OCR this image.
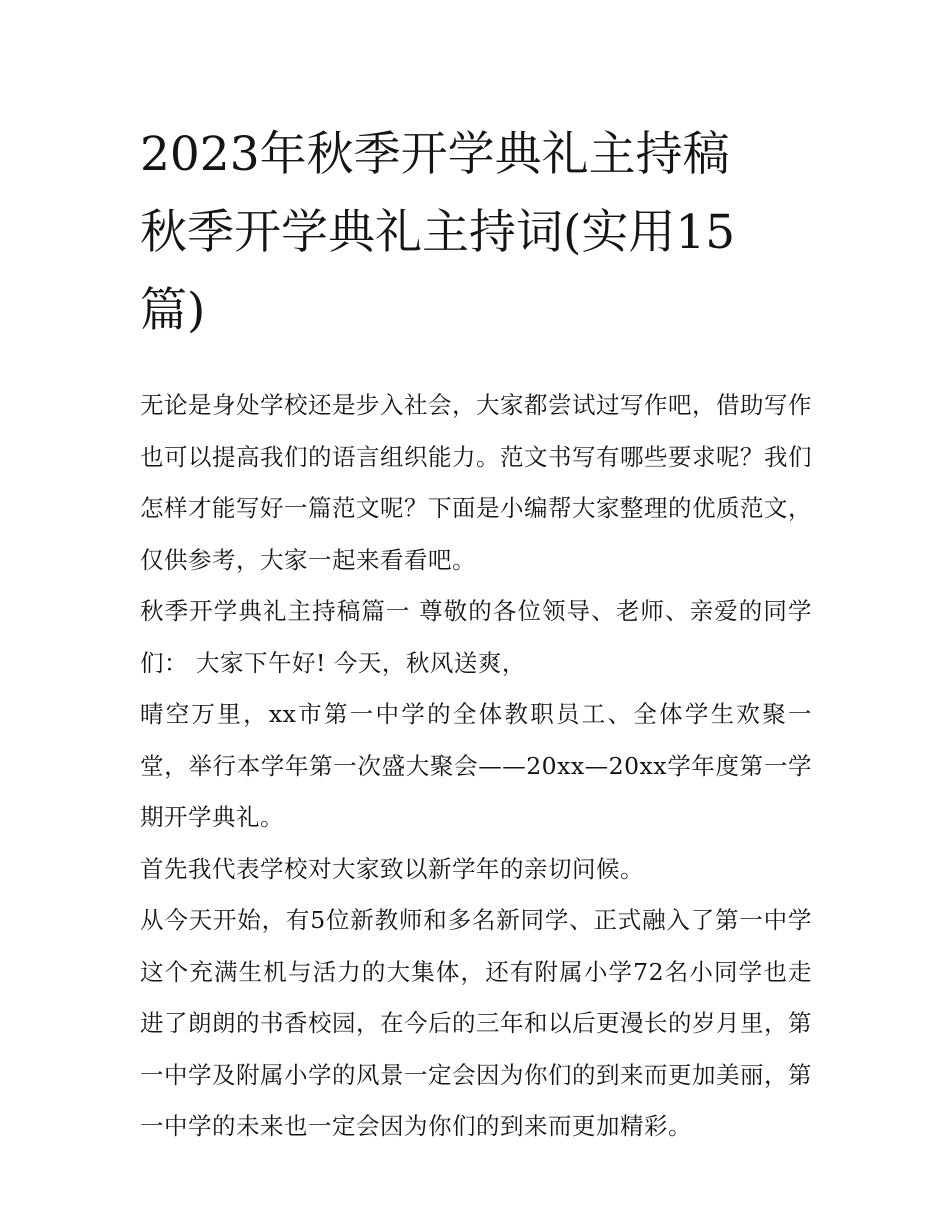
2023年秋季开学典礼主持稿
秋季开学典礼主持词(实用15
篇)

无论是身处学校还是步入社会，大家都尝试过写作吧，借助写作也可以提高我们的语言组织能力。范文书写有哪些要求呢？我们怎样才能写好一篇范文呢？下面是小编帮大家整理的优质范文，仅供参考，大家一起来看看吧。

秋季开学典礼主持稿篇一 尊敬的各位领导、老师、亲爱的同学们： 大家下午好! 今天，秋风送爽，

晴空万里，xx市第一中学的全体教职员工、全体学生欢聚一堂，举行本学年第一次盛大聚会——20xx—20xx学年度第一学期开学典礼。

首先我代表学校对大家致以新学年的亲切问候。

从今天开始，有5位新教师和多名新同学、正式融入了第一中学这个充满生机与活力的大集体，还有附属小学72名小同学也走进了朗朗的书香校园，在今后的三年和以后更漫长的岁月里，第一中学及附属小学的风景一定会因为你们的到来而更加美丽，第一中学的未来也一定会因为你们的到来而更加精彩。
